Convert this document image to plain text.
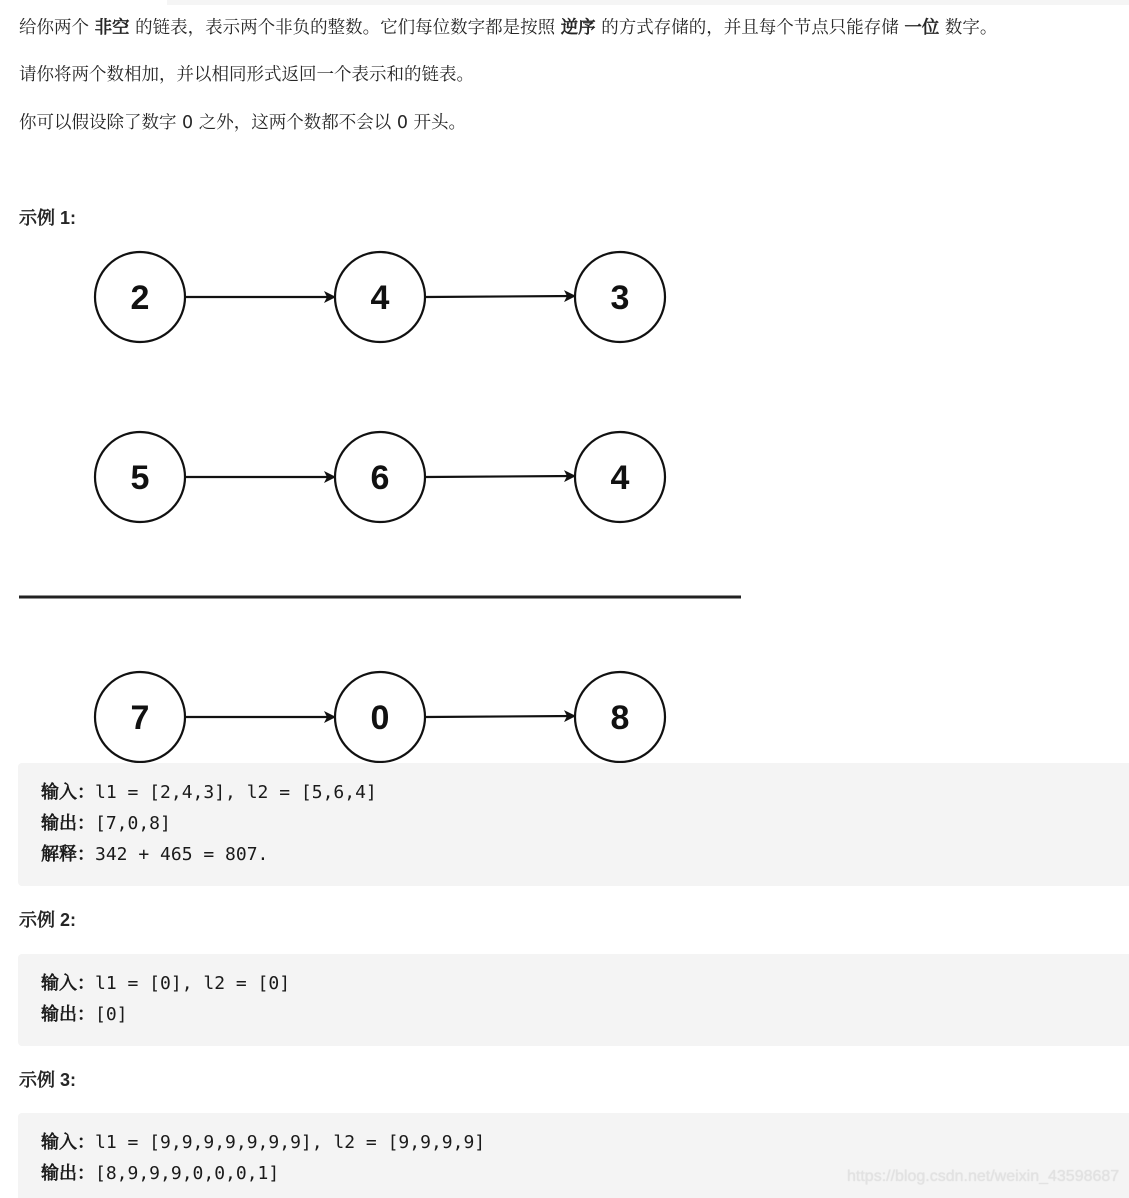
给你两个 非空 的链表，表示两个非负的整数。它们每位数字都是按照 逆序 的方式存储的，并且每个节点只能存储 一位 数字。

请你将两个数相加，并以相同形式返回一个表示和的链表。

你可以假设除了数字 0 之外，这两个数都不会以 0 开头。

示例 1:
2	4	3
5	6	4
7	0	8
输入：l1 = [2,4,3], l2 = [5,6,4]
输出：[7,0,8]
解释：342 + 465 = 807.
示例 2:
输入：l1 = [0], l2 = [0]
输出：[0]
示例 3:
输入：l1 = [9,9,9,9,9,9,9], l2 = [9,9,9,9]
输出：[8,9,9,9,0,0,0,1]	https://blog.csdn.net/weixin_43598687
